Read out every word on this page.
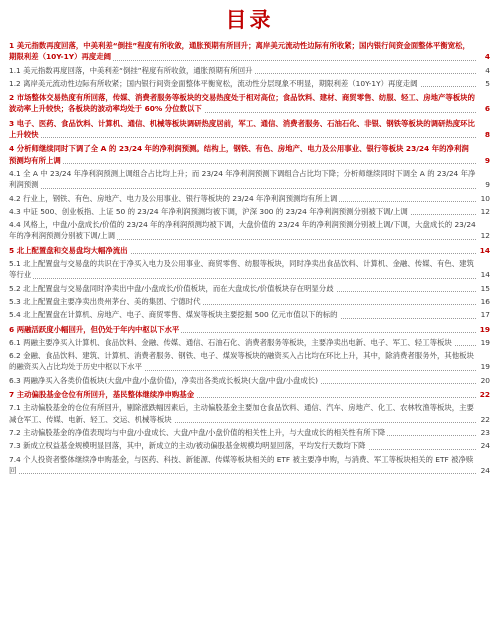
目录
1 美元指数再度回落，中美利差“倒挂”程度有所收敛，通胀预期有所回升；离岸美元流动性边际有所收紧；国内银行间资金面整体平衡宽松，期限利差（10Y-1Y）再度走阔	4
1.1 美元指数再度回落，中美利差“倒挂”程度有所收敛，通胀预期有所回升	4
1.2 离岸美元流动性边际有所收紧；国内银行间资金面整体平衡宽松，流动性分层现象不明显，期限利差（10Y-1Y）再度走阔	5
2 市场整体交易热度有所回落，传媒、消费者服务等板块的交易热度处于相对高位；食品饮料、建材、商贸零售、纺服、轻工、房地产等板块的波动率上升较快；各板块的波动率均处于 60% 分位数以下	6
3 电子、医药、食品饮料、计算机、通信、机械等板块调研热度居前，军工、通信、消费者服务、石油石化、非银、钢铁等板块的调研热度环比上升较快	8
4 分析师继续同时下调了全 A 的 23/24 年的净利润预测。结构上，钢铁、有色、房地产、电力及公用事业、银行等板块 23/24 年的净利润预测均有所上调	9
4.1 全 A 中 23/24 年净利润预测上调组合占比均上升；而 23/24 年净利润预测下调组合占比均下降；分析师继续同时下调全 A 的 23/24 年净利润预测	9
4.2 行业上，钢铁、有色、房地产、电力及公用事业、银行等板块的 23/24 年净利润预测均有所上调	10
4.3 中证 500、创业板指、上证 50 的 23/24 年净利润预测均被下调，沪深 300 的 23/24 年净利润预测分别被下调/上调	12
4.4 风格上，中盘/小盘成长/价值的 23/24 年的净利润预测均被下调，大盘价值的 23/24 年的净利润预测分别被上调/下调，大盘成长的 23/24 年的净利润预测分别被下调/上调	12
5 北上配置盘和交易盘均大幅净流出	14
5.1 北上配置盘与交易盘的共识在于净买入电力及公用事业、商贸零售、纺服等板块，同时净卖出食品饮料、计算机、金融、传媒、有色、建筑等行业	14
5.2 北上配置盘与交易盘同时净卖出中盘/小盘成长/价值板块，而在大盘成长/价值板块存在明显分歧	15
5.3 北上配置盘主要净卖出贵州茅台、美的集团、宁德时代	16
5.4 北上配置盘在计算机、房地产、电子、商贸零售、煤炭等板块主要挖掘 500 亿元市值以下的标的	17
6 两融活跃度小幅回升，但仍处于年内中枢以下水平	19
6.1 两融主要净买入计算机、食品饮料、金融、传媒、通信、石油石化、消费者服务等板块，主要净卖出电新、电子、军工、轻工等板块	19
6.2 金融、食品饮料、建筑、计算机、消费者服务、钢铁、电子、煤炭等板块的融资买入占比均在环比上升，其中，除消费者服务外，其他板块的融资买入占比均处于历史中枢以下水平	19
6.3 两融净买入各类价值板块(大盘/中盘/小盘价值)，净卖出各类成长板块(大盘/中盘/小盘成长)	20
7 主动偏股基金仓位有所回升，基民整体继续净申购基金	22
7.1 主动偏股基金的仓位有所回升，剔除涨跌幅因素后，主动偏股基金主要加仓食品饮料、通信、汽车、房地产、化工、农林牧渔等板块，主要减仓军工、传媒、电新、轻工、交运、机械等板块	22
7.2 主动偏股基金的净值表现均与中盘/小盘成长、大盘/中盘/小盘价值的相关性上升，与大盘成长的相关性有所下降	23
7.3 新成立权益基金规模明显回落，其中，新成立的主动/被动偏股基金规模均明显回落，平均发行天数均下降	24
7.4 个人投资者整体继续净申购基金，与医药、科技、新能源、传媒等板块相关的 ETF 被主要净申购，与消费、军工等板块相关的 ETF 被净赎回	24
